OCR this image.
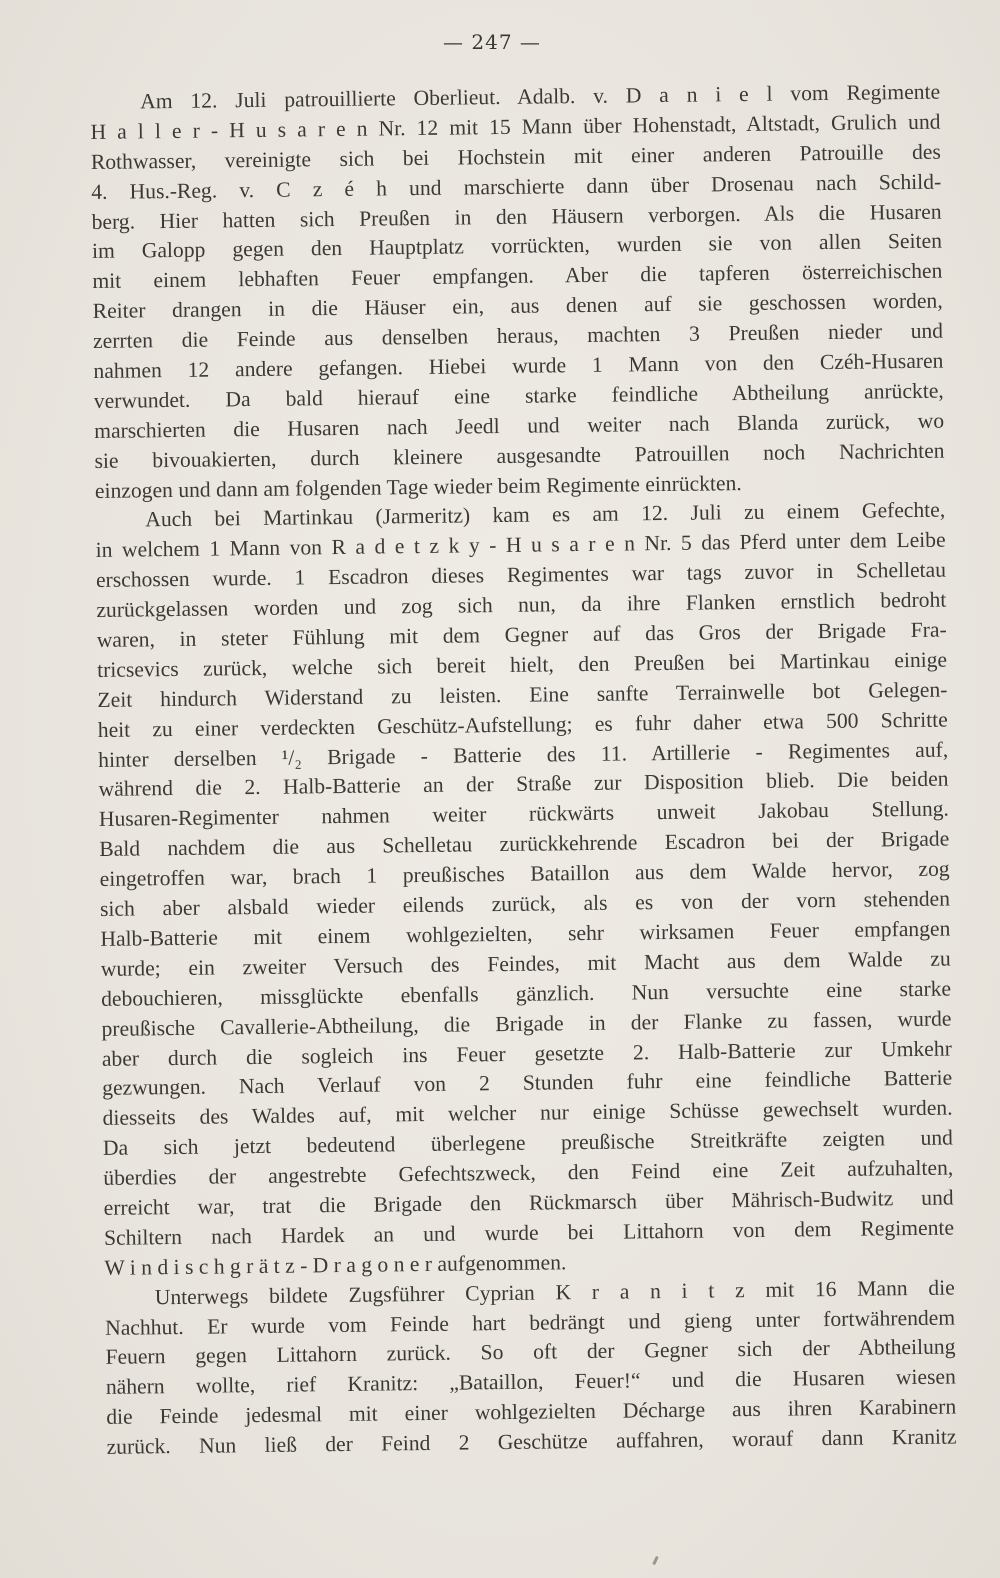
— 247 —
Am 12. Juli patrouillierte Oberlieut. Adalb. v. D a n i e l vom Regimente
H a l l e r - H u s a r e n Nr. 12 mit 15 Mann über Hohenstadt, Altstadt, Grulich und
Rothwasser, vereinigte sich bei Hochstein mit einer anderen Patrouille des
4. Hus.-Reg. v. C z é h und marschierte dann über Drosenau nach Schild-
berg. Hier hatten sich Preußen in den Häusern verborgen. Als die Husaren
im Galopp gegen den Hauptplatz vorrückten, wurden sie von allen Seiten
mit einem lebhaften Feuer empfangen. Aber die tapferen österreichischen
Reiter drangen in die Häuser ein, aus denen auf sie geschossen worden,
zerrten die Feinde aus denselben heraus, machten 3 Preußen nieder und
nahmen 12 andere gefangen. Hiebei wurde 1 Mann von den Czéh-Husaren
verwundet. Da bald hierauf eine starke feindliche Abtheilung anrückte,
marschierten die Husaren nach Jeedl und weiter nach Blanda zurück, wo
sie bivouakierten, durch kleinere ausgesandte Patrouillen noch Nachrichten
einzogen und dann am folgenden Tage wieder beim Regimente einrückten.
Auch bei Martinkau (Jarmeritz) kam es am 12. Juli zu einem Gefechte,
in welchem 1 Mann von R a d e t z k y - H u s a r e n Nr. 5 das Pferd unter dem Leibe
erschossen wurde. 1 Escadron dieses Regimentes war tags zuvor in Schelletau
zurückgelassen worden und zog sich nun, da ihre Flanken ernstlich bedroht
waren, in steter Fühlung mit dem Gegner auf das Gros der Brigade Fra-
tricsevics zurück, welche sich bereit hielt, den Preußen bei Martinkau einige
Zeit hindurch Widerstand zu leisten. Eine sanfte Terrainwelle bot Gelegen-
heit zu einer verdeckten Geschütz-Aufstellung; es fuhr daher etwa 500 Schritte
hinter derselben ¹/₂ Brigade - Batterie des 11. Artillerie - Regimentes auf,
während die 2. Halb-Batterie an der Straße zur Disposition blieb. Die beiden
Husaren-Regimenter nahmen weiter rückwärts unweit Jakobau Stellung.
Bald nachdem die aus Schelletau zurückkehrende Escadron bei der Brigade
eingetroffen war, brach 1 preußisches Bataillon aus dem Walde hervor, zog
sich aber alsbald wieder eilends zurück, als es von der vorn stehenden
Halb-Batterie mit einem wohlgezielten, sehr wirksamen Feuer empfangen
wurde; ein zweiter Versuch des Feindes, mit Macht aus dem Walde zu
debouchieren, missglückte ebenfalls gänzlich. Nun versuchte eine starke
preußische Cavallerie-Abtheilung, die Brigade in der Flanke zu fassen, wurde
aber durch die sogleich ins Feuer gesetzte 2. Halb-Batterie zur Umkehr
gezwungen. Nach Verlauf von 2 Stunden fuhr eine feindliche Batterie
diesseits des Waldes auf, mit welcher nur einige Schüsse gewechselt wurden.
Da sich jetzt bedeutend überlegene preußische Streitkräfte zeigten und
überdies der angestrebte Gefechtszweck, den Feind eine Zeit aufzuhalten,
erreicht war, trat die Brigade den Rückmarsch über Mährisch-Budwitz und
Schiltern nach Hardek an und wurde bei Littahorn von dem Regimente
W i n d i s c h g r ä t z - D r a g o n e r aufgenommen.
Unterwegs bildete Zugsführer Cyprian K r a n i t z mit 16 Mann die
Nachhut. Er wurde vom Feinde hart bedrängt und gieng unter fortwährendem
Feuern gegen Littahorn zurück. So oft der Gegner sich der Abtheilung
nähern wollte, rief Kranitz: „Bataillon, Feuer!“ und die Husaren wiesen
die Feinde jedesmal mit einer wohlgezielten Décharge aus ihren Karabinern
zurück. Nun ließ der Feind 2 Geschütze auffahren, worauf dann Kranitz
